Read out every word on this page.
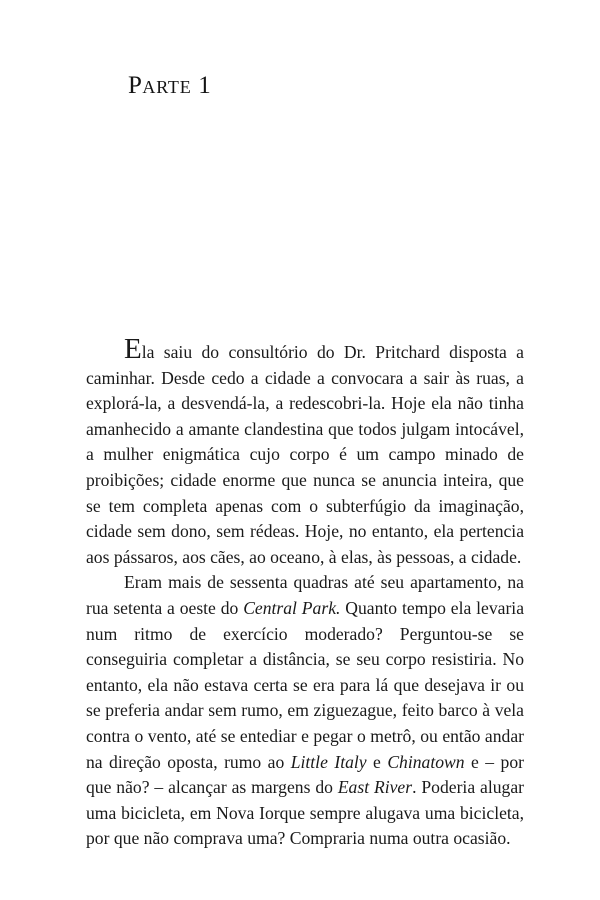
PARTE 1

Ela saiu do consultório do Dr. Pritchard disposta a caminhar. Desde cedo a cidade a convocara a sair às ruas, a explorá-la, a desvendá-la, a redescobri-la. Hoje ela não tinha amanhecido a amante clandestina que todos julgam intocável, a mulher enigmática cujo corpo é um campo minado de proibições; cidade enorme que nunca se anuncia inteira, que se tem completa apenas com o subterfúgio da imaginação, cidade sem dono, sem rédeas. Hoje, no entanto, ela pertencia aos pássaros, aos cães, ao oceano, à elas, às pessoas, a cidade.

Eram mais de sessenta quadras até seu apartamento, na rua setenta a oeste do Central Park. Quanto tempo ela levaria num ritmo de exercício moderado? Perguntou-se se conseguiria completar a distância, se seu corpo resistiria. No entanto, ela não estava certa se era para lá que desejava ir ou se preferia andar sem rumo, em ziguezague, feito barco à vela contra o vento, até se entediar e pegar o metrô, ou então andar na direção oposta, rumo ao Little Italy e Chinatown e – por que não? – alcançar as margens do East River. Poderia alugar uma bicicleta, em Nova Iorque sempre alugava uma bicicleta, por que não comprava uma? Compraria numa outra ocasião.
